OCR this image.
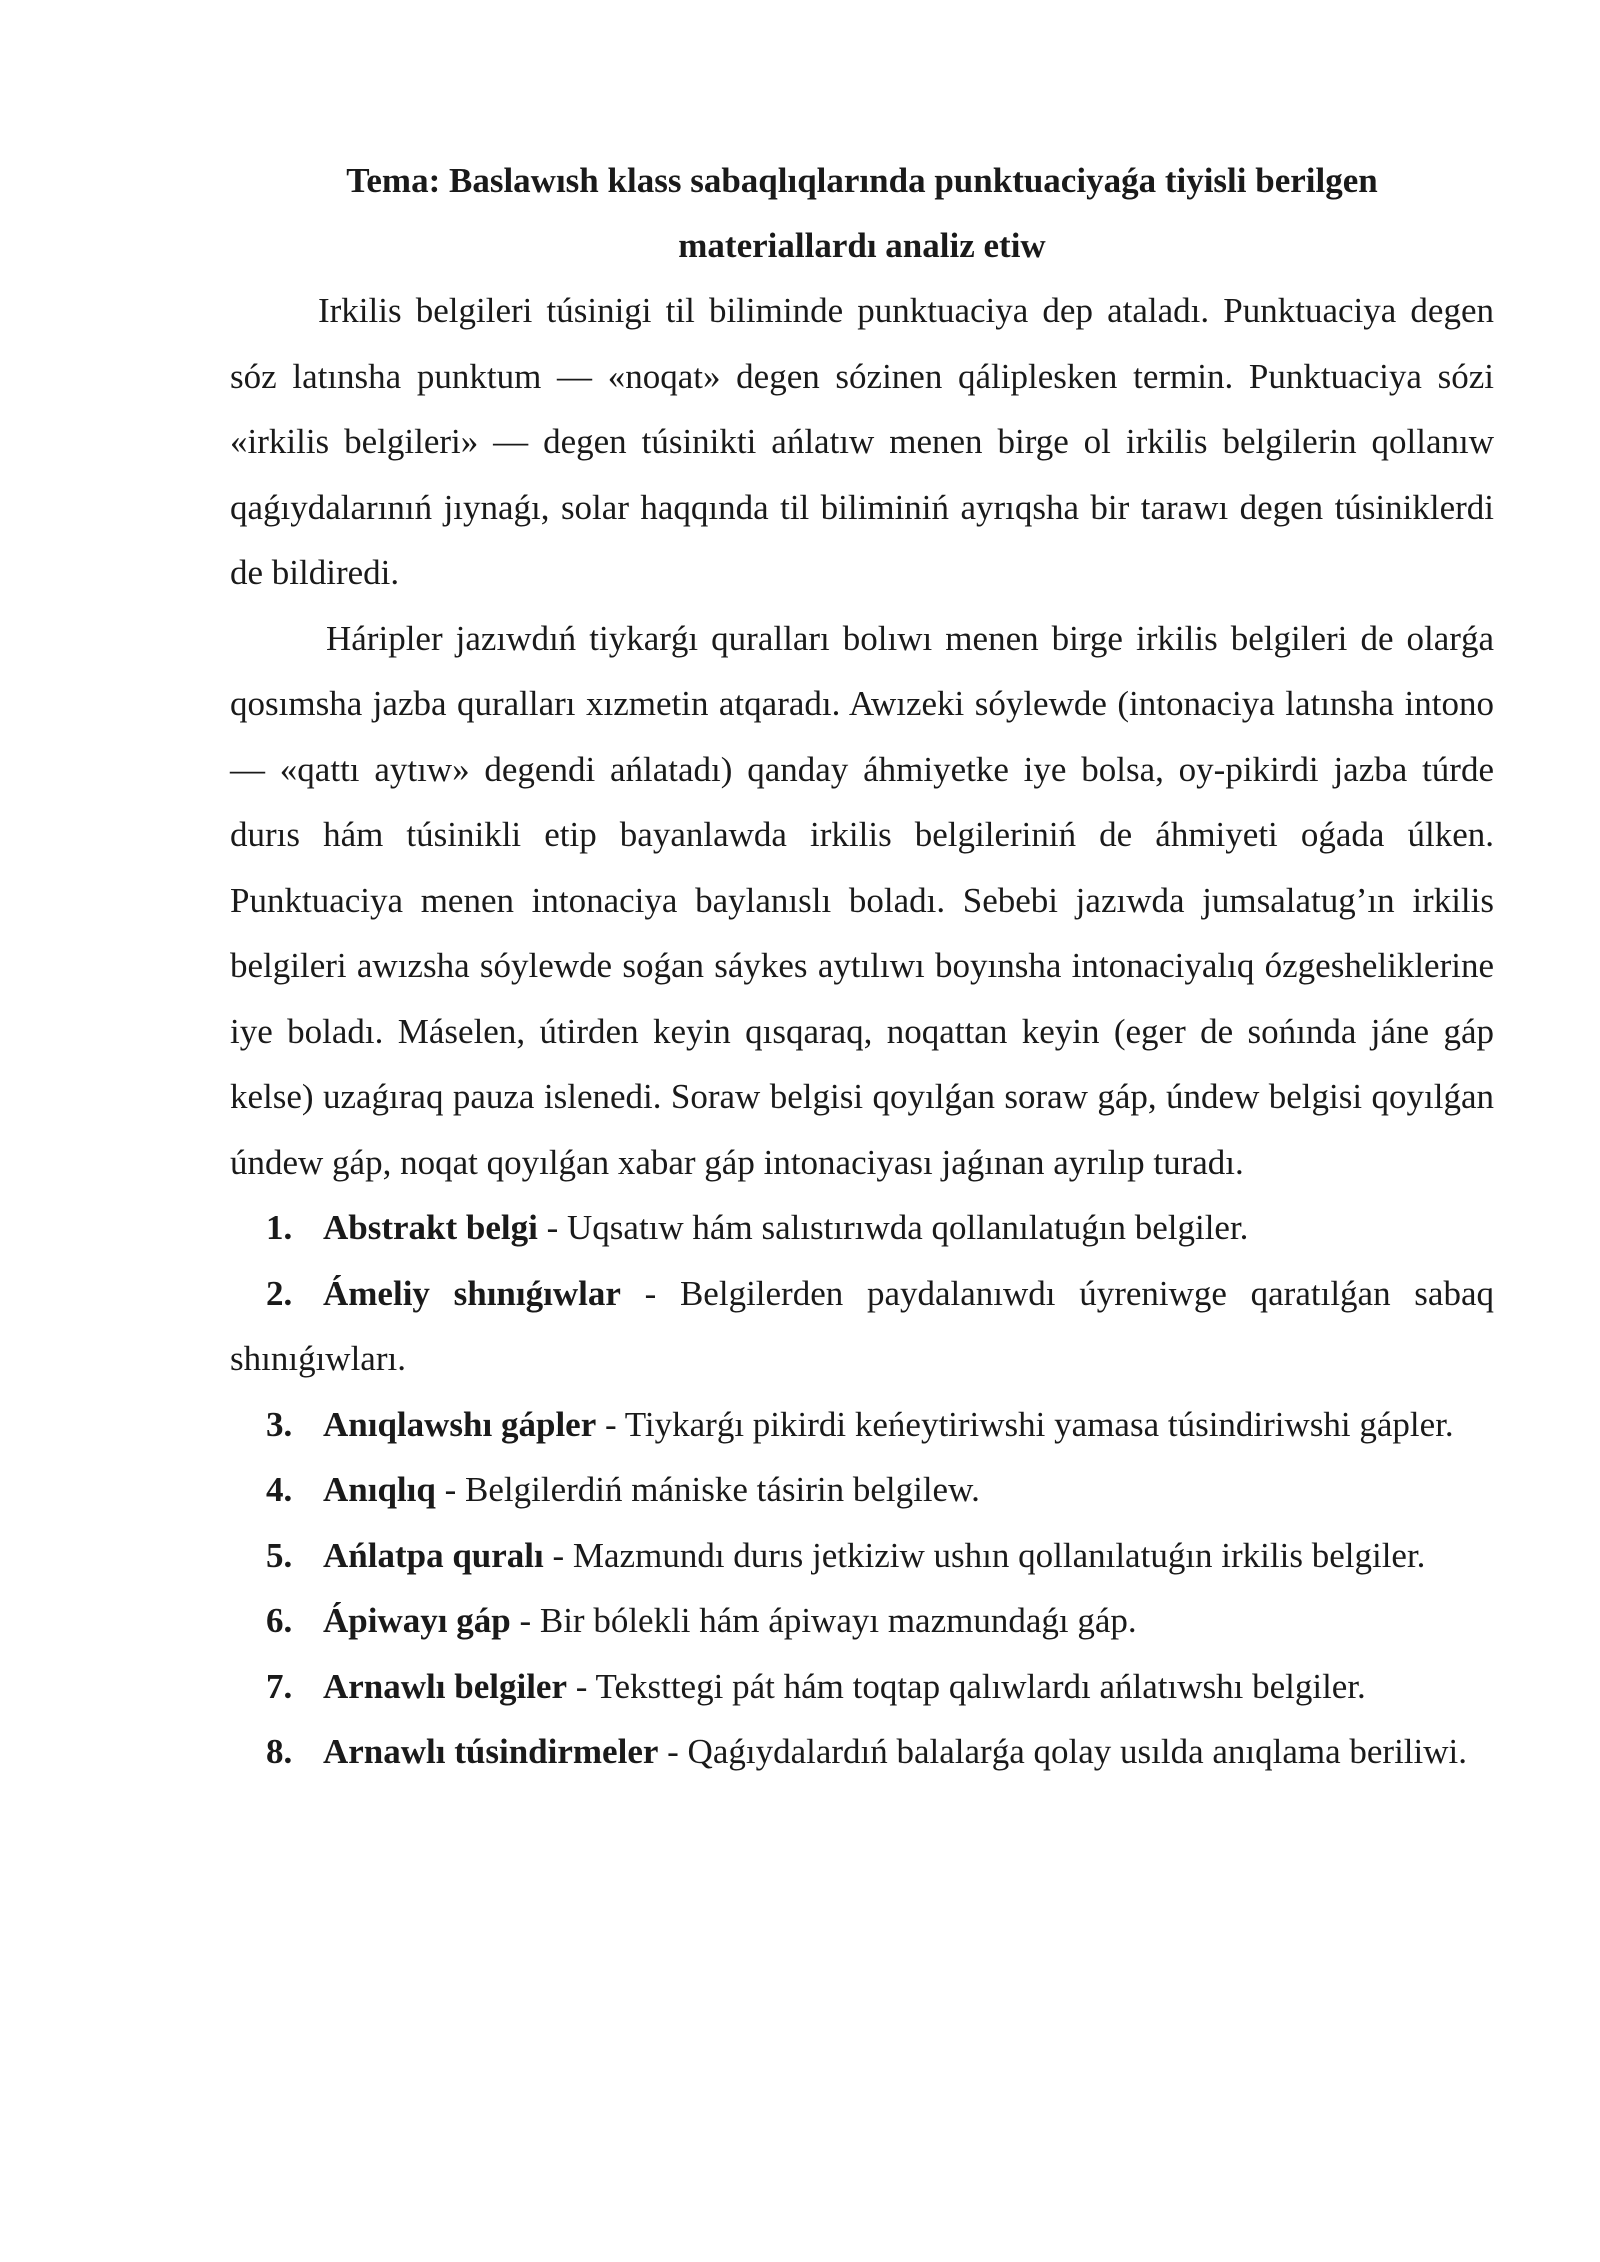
Tema: Baslawısh klass sabaqlıqlarında punktuaciyaǵa tiyisli berilgen
materiallardı analiz etiw

Irkilis belgileri túsinigi til biliminde punktuaciya dep ataladı. Punktuaciya degen sóz latınsha punktum — «noqat» degen sózinen qáliplesken termin. Punktuaciya sózi «irkilis belgileri» — degen túsinikti ańlatıw menen birge ol irkilis belgilerin qollanıw qaǵıydalarınıń jıynaǵı, solar haqqında til biliminiń ayrıqsha bir tarawı degen túsiniklerdi de bildiredi.

Háripler jazıwdıń tiykarǵı quralları bolıwı menen birge irkilis belgileri de olarǵa qosımsha jazba quralları xızmetin atqaradı. Awızeki sóylewde (intonaciya latınsha intono — «qattı aytıw» degendi ańlatadı) qanday áhmiyetke iye bolsa, oy-pikirdi jazba túrde durıs hám túsinikli etip bayanlawda irkilis belgileriniń de áhmiyeti oǵada úlken. Punktuaciya menen intonaciya baylanıslı boladı. Sebebi jazıwda jumsalatug’ın irkilis belgileri awızsha sóylewde soǵan sáykes aytılıwı boyınsha intonaciyalıq ózgesheliklerine iye boladı. Máselen, útirden keyin qısqaraq, noqattan keyin (eger de sońında jáne gáp kelse) uzaǵıraq pauza islenedi. Soraw belgisi qoyılǵan soraw gáp, úndew belgisi qoyılǵan úndew gáp, noqat qoyılǵan xabar gáp intonaciyası jaǵınan ayrılıp turadı.

1. Abstrakt belgi - Uqsatıw hám salıstırıwda qollanılatuǵın belgiler.
2. Ámeliy shınıǵıwlar - Belgilerden paydalanıwdı úyreniwge qaratılǵan sabaq shınıǵıwları.
3. Anıqlawshı gápler - Tiykarǵı pikirdi keńeytiriwshi yamasa túsindiriwshi gápler.
4. Anıqlıq - Belgilerdiń mániske tásirin belgilew.
5. Ańlatpa quralı - Mazmundı durıs jetkiziw ushın qollanılatuǵın irkilis belgiler.
6. Ápiwayı gáp - Bir bólekli hám ápiwayı mazmundaǵı gáp.
7. Arnawlı belgiler - Teksttegi pát hám toqtap qalıwlardı ańlatıwshı belgiler.
8. Arnawlı túsindirmeler - Qaǵıydalardıń balalarǵa qolay usılda anıqlama beriliwi.
